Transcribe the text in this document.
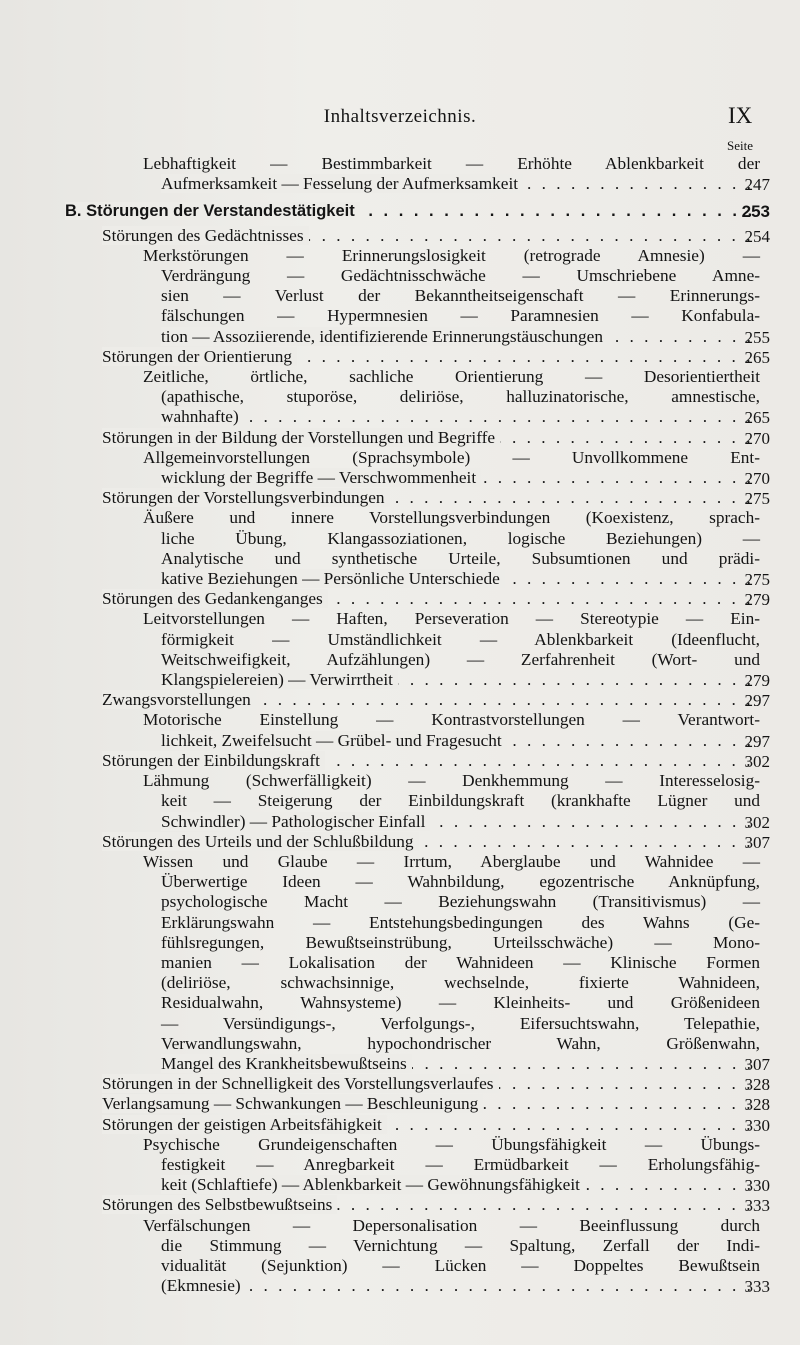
Inhaltsverzeichnis.	IX
Seite
Lebhaftigkeit — Bestimmbarkeit — Erhöhte Ablenkbarkeit der
Aufmerksamkeit — Fesselung der Aufmerksamkeit . . .	247
B. Störungen der Verstandestätigkeit . . .	253
Störungen des Gedächtnisses . . .	254
Merkstörungen — Erinnerungslosigkeit (retrograde Amnesie) —
Verdrängung — Gedächtnisschwäche — Umschriebene Amne-
sien — Verlust der Bekanntheitseigenschaft — Erinnerungs-
fälschungen — Hypermnesien — Paramnesien — Konfabula-
tion — Assoziierende, identifizierende Erinnerungstäuschungen . . .	255
Störungen der Orientierung . . .	265
Zeitliche, örtliche, sachliche Orientierung — Desorientiertheit
(apathische, stuporöse, deliriöse, halluzinatorische, amnestische,
wahnhafte) . . .	265
Störungen in der Bildung der Vorstellungen und Begriffe . . .	270
Allgemeinvorstellungen (Sprachsymbole) — Unvollkommene Ent-
wicklung der Begriffe — Verschwommenheit . . .	270
Störungen der Vorstellungsverbindungen . . .	275
Äußere und innere Vorstellungsverbindungen (Koexistenz, sprach-
liche Übung, Klangassoziationen, logische Beziehungen) —
Analytische und synthetische Urteile, Subsumtionen und prädi-
kative Beziehungen — Persönliche Unterschiede . . .	275
Störungen des Gedankenganges . . .	279
Leitvorstellungen — Haften, Perseveration — Stereotypie — Ein-
förmigkeit — Umständlichkeit — Ablenkbarkeit (Ideenflucht,
Weitschweifigkeit, Aufzählungen) — Zerfahrenheit (Wort- und
Klangspielereien) — Verwirrtheit . . .	279
Zwangsvorstellungen . . .	297
Motorische Einstellung — Kontrastvorstellungen — Verantwort-
lichkeit, Zweifelsucht — Grübel- und Fragesucht . . .	297
Störungen der Einbildungskraft . . .	302
Lähmung (Schwerfälligkeit) — Denkhemmung — Interesselosig-
keit — Steigerung der Einbildungskraft (krankhafte Lügner und
Schwindler) — Pathologischer Einfall . . .	302
Störungen des Urteils und der Schlußbildung . . .	307
Wissen und Glaube — Irrtum, Aberglaube und Wahnidee —
Überwertige Ideen — Wahnbildung, egozentrische Anknüpfung,
psychologische Macht — Beziehungswahn (Transitivismus) —
Erklärungswahn — Entstehungsbedingungen des Wahns (Ge-
fühlsregungen, Bewußtseinstrübung, Urteilsschwäche) — Mono-
manien — Lokalisation der Wahnideen — Klinische Formen
(deliriöse, schwachsinnige, wechselnde, fixierte Wahnideen,
Residualwahn, Wahnsysteme) — Kleinheits- und Größenideen
— Versündigungs-, Verfolgungs-, Eifersuchtswahn, Telepathie,
Verwandlungswahn, hypochondrischer Wahn, Größenwahn,
Mangel des Krankheitsbewußtseins . . .	307
Störungen in der Schnelligkeit des Vorstellungsverlaufes . . .	328
Verlangsamung — Schwankungen — Beschleunigung . . .	328
Störungen der geistigen Arbeitsfähigkeit . . .	330
Psychische Grundeigenschaften — Übungsfähigkeit — Übungs-
festigkeit — Anregbarkeit — Ermüdbarkeit — Erholungsfähig-
keit (Schlaftiefe) — Ablenkbarkeit — Gewöhnungsfähigkeit . . .	330
Störungen des Selbstbewußtseins . . .	333
Verfälschungen — Depersonalisation — Beeinflussung durch
die Stimmung — Vernichtung — Spaltung, Zerfall der Indi-
vidualität (Sejunktion) — Lücken — Doppeltes Bewußtsein
(Ekmnesie) . . .	333
